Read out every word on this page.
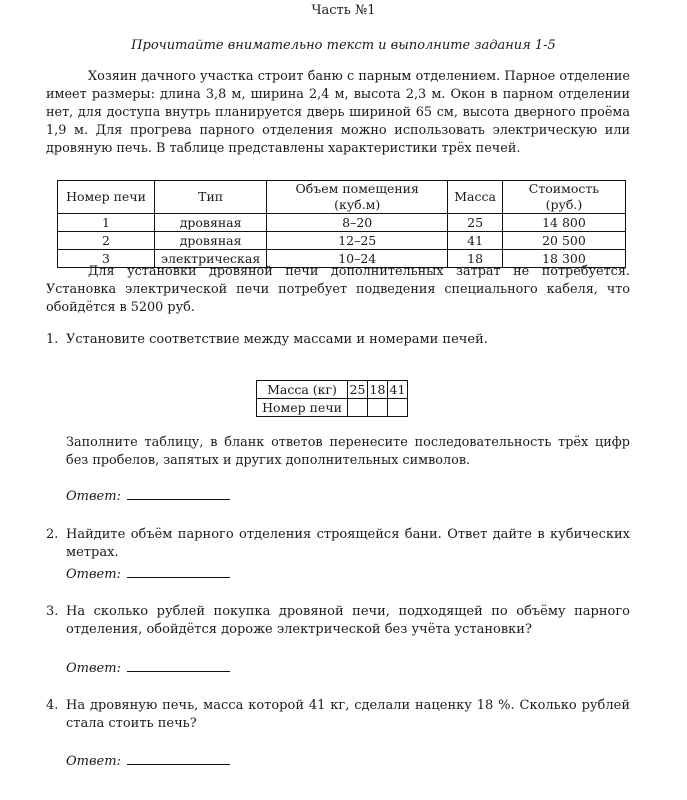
Часть №1
Прочитайте внимательно текст и выполните задания 1-5
Хозяин дачного участка строит баню с парным отделением. Парное отделение имеет размеры: длина 3,8 м, ширина 2,4 м, высота 2,3 м. Окон в парном отделении нет, для доступа внутрь планируется дверь шириной 65 см, высота дверного проёма 1,9 м. Для прогрева парного отделения можно использовать электрическую или дровяную печь. В таблице представлены характеристики трёх печей.
Номер печи	Тип	Объем помещения (куб.м)	Масса	Стоимость (руб.)
1	дровяная	8–20	25	14 800
2	дровяная	12–25	41	20 500
3	электрическая	10–24	18	18 300
Для установки дровяной печи дополнительных затрат не потребуется. Установка электрической печи потребует подведения специального кабеля, что обойдётся в 5200 руб.
1. Установите соответствие между массами и номерами печей.
Масса (кг)	25	18	41
Номер печи			
Заполните таблицу, в бланк ответов перенесите последовательность трёх цифр без пробелов, запятых и других дополнительных символов.
Ответ:
2. Найдите объём парного отделения строящейся бани. Ответ дайте в кубических метрах.
Ответ:
3. На сколько рублей покупка дровяной печи, подходящей по объёму парного отделения, обойдётся дороже электрической без учёта установки?
Ответ:
4. На дровяную печь, масса которой 41 кг, сделали наценку 18 %. Сколько рублей стала стоить печь?
Ответ:
